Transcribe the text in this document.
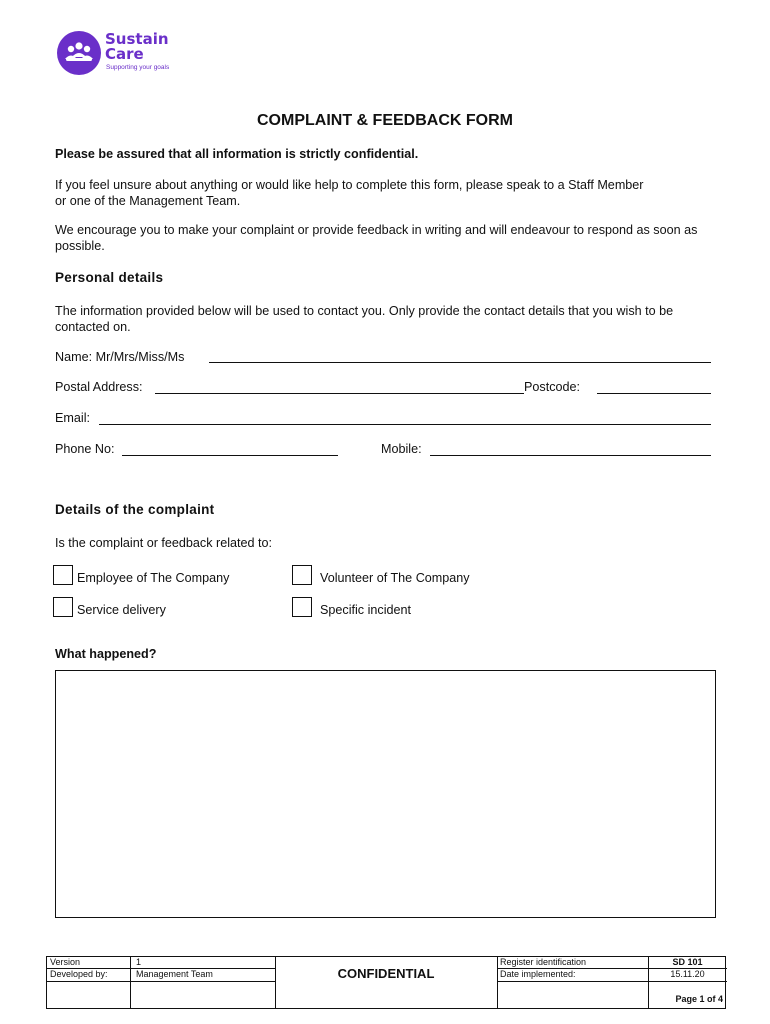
Sustain
Care
Supporting your goals
COMPLAINT & FEEDBACK FORM
Please be assured that all information is strictly confidential.
If you feel unsure about anything or would like help to complete this form, please speak to a Staff Member or one of the Management Team.
We encourage you to make your complaint or provide feedback in writing and will endeavour to respond as soon as possible.
Personal details
The information provided below will be used to contact you. Only provide the contact details that you wish to be contacted on.
Name: Mr/Mrs/Miss/Ms
Postal Address:	Postcode:
Email:
Phone No:	Mobile:
Details of the complaint
Is the complaint or feedback related to:
Employee of The Company	Volunteer of The Company
Service delivery	Specific incident
What happened?
Version	1
Developed by:	Management Team	CONFIDENTIAL
Register identification	SD 101
Date implemented:	15.11.20
Page 1 of 4
